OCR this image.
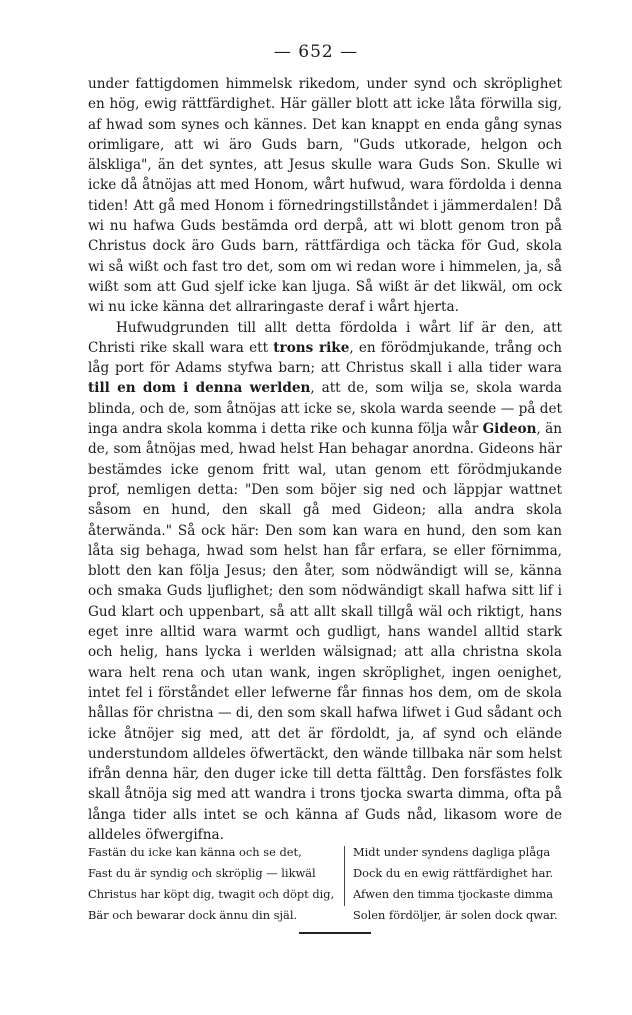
— 652 —

under fattigdomen himmelsk rikedom, under synd och skröplighet en hög, ewig rättfärdighet. Här gäller blott att icke låta förwilla sig, af hwad som synes och kännes. Det kan knappt en enda gång synas orimligare, att wi äro Guds barn, "Guds utkorade, helgon och älskliga", än det syntes, att Jesus skulle wara Guds Son. Skulle wi icke då åtnöjas att med Honom, wårt hufwud, wara fördolda i denna tiden! Att gå med Honom i förnedringstillståndet i jämmerdalen! Då wi nu hafwa Guds bestämda ord derpå, att wi blott genom tron på Christus dock äro Guds barn, rättfärdiga och täcka för Gud, skola wi så wißt och fast tro det, som om wi redan wore i himmelen, ja, så wißt som att Gud sjelf icke kan ljuga. Så wißt är det likwäl, om ock wi nu icke känna det allraringaste deraf i wårt hjerta.

Hufwudgrunden till allt detta fördolda i wårt lif är den, att Christi rike skall wara ett trons rike, en förödmjukande, trång och låg port för Adams styfwa barn; att Christus skall i alla tider wara till en dom i denna werlden, att de, som wilja se, skola warda blinda, och de, som åtnöjas att icke se, skola warda seende — på det inga andra skola komma i detta rike och kunna följa wår Gideon, än de, som åtnöjas med, hwad helst Han behagar anordna. Gideons här bestämdes icke genom fritt wal, utan genom ett förödmjukande prof, nemligen detta: "Den som böjer sig ned och läppjar wattnet såsom en hund, den skall gå med Gideon; alla andra skola återwända." Så ock här: Den som kan wara en hund, den som kan låta sig behaga, hwad som helst han får erfara, se eller förnimma, blott den kan följa Jesus; den åter, som nödwändigt will se, känna och smaka Guds ljuflighet; den som nödwändigt skall hafwa sitt lif i Gud klart och uppenbart, så att allt skall tillgå wäl och riktigt, hans eget inre alltid wara warmt och gudligt, hans wandel alltid stark och helig, hans lycka i werlden wälsignad; att alla christna skola wara helt rena och utan wank, ingen skröplighet, ingen oenighet, intet fel i förståndet eller lefwerne får finnas hos dem, om de skola hållas för christna — di, den som skall hafwa lifwet i Gud sådant och icke åtnöjer sig med, att det är fördoldt, ja, af synd och elände understundom alldeles öfwertäckt, den wände tillbaka när som helst ifrån denna här, den duger icke till detta fälttåg. Den forsfästes folk skall åtnöja sig med att wandra i trons tjocka swarta dimma, ofta på långa tider alls intet se och känna af Guds nåd, likasom wore de alldeles öfwergifna.

Fastän du icke kan känna och se det,
Fast du är syndig och skröplig — likwäl
Christus har köpt dig, twagit och döpt dig,
Bär och bewarar dock ännu din själ.
Midt under syndens dagliga plåga
Dock du en ewig rättfärdighet har.
Afwen den timma tjockaste dimma
Solen fördöljer, är solen dock qwar.
